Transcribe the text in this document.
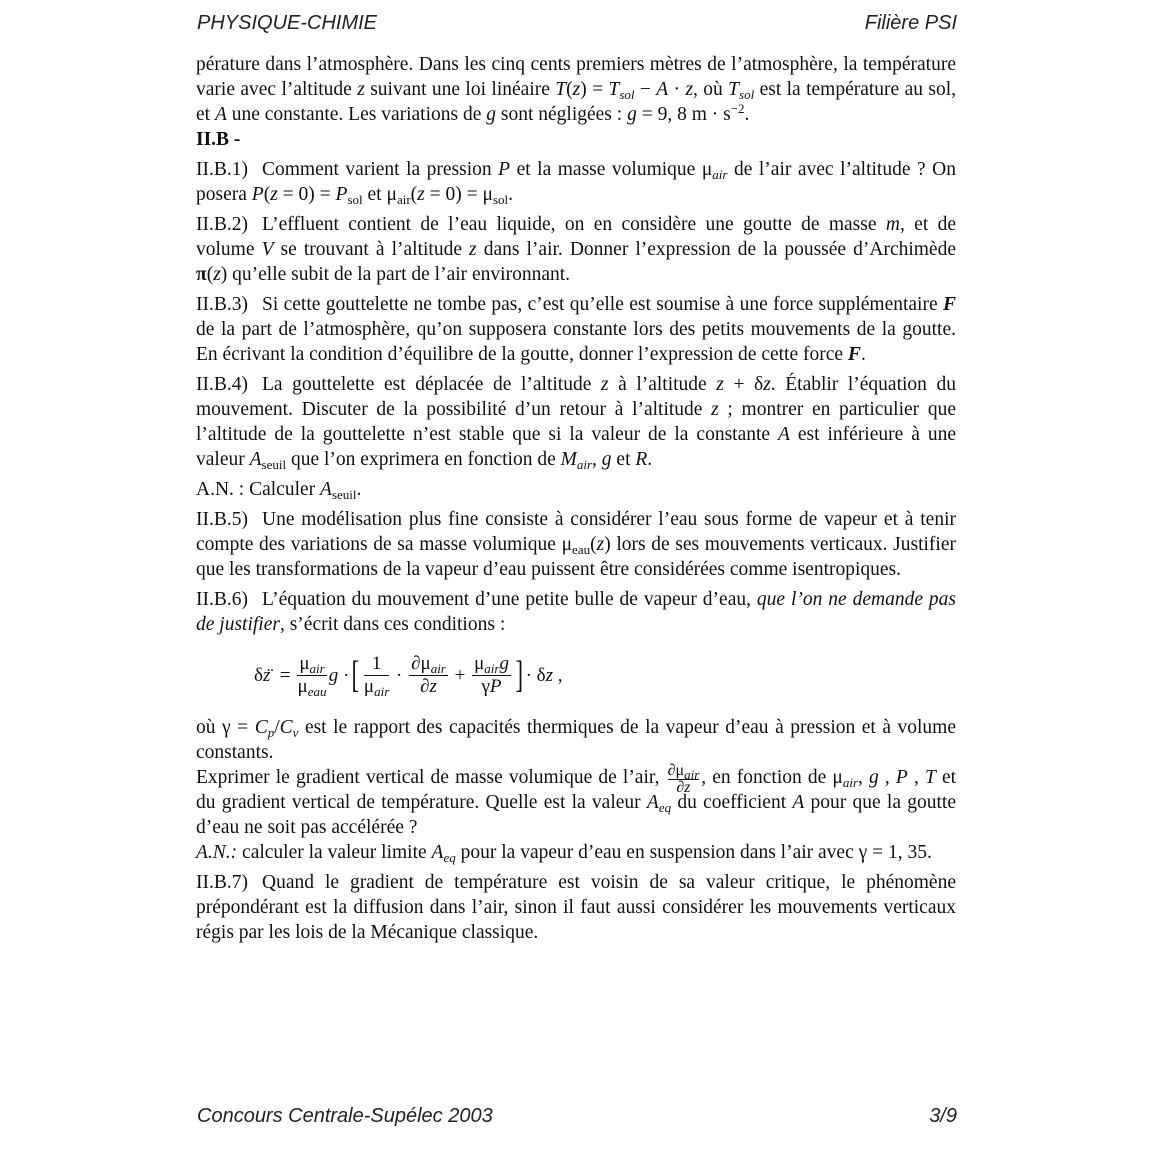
PHYSIQUE-CHIMIE	Filière PSI

pérature dans l’atmosphère. Dans les cinq cents premiers mètres de l’atmosphère, la température varie avec l’altitude z suivant une loi linéaire $T(z) = T_{sol} - A \cdot z$, où $T_{sol}$ est la température au sol, et A une constante. Les variations de g sont négligées : g = 9, 8 $m \cdot s^{-2}$.

II.B -

II.B.1) Comment varient la pression P et la masse volumique $\mu_{air}$ de l’air avec l’altitude ? On posera $P(z = 0) = P_{sol}$ et $\mu_{air}(z = 0) = \mu_{sol}$.

II.B.2) L’effluent contient de l’eau liquide, on en considère une goutte de masse m, et de volume V se trouvant à l’altitude z dans l’air. Donner l’expression de la poussée d’Archimède π(z) qu’elle subit de la part de l’air environnant.

II.B.3) Si cette gouttelette ne tombe pas, c’est qu’elle est soumise à une force supplémentaire F de la part de l’atmosphère, qu’on supposera constante lors des petits mouvements de la goutte. En écrivant la condition d’équilibre de la goutte, donner l’expression de cette force F.

II.B.4) La gouttelette est déplacée de l’altitude z à l’altitude z + δz. Établir l’équation du mouvement. Discuter de la possibilité d’un retour à l’altitude z ; montrer en particulier que l’altitude de la gouttelette n’est stable que si la valeur de la constante A est inférieure à une valeur $A_{seuil}$ que l’on exprimera en fonction de $M_{air}$, g et R.

A.N. : Calculer $A_{seuil}$.

II.B.5) Une modélisation plus fine consiste à considérer l’eau sous forme de vapeur et à tenir compte des variations de sa masse volumique $\mu_{eau}(z)$ lors de ses mouvements verticaux. Justifier que les transformations de la vapeur d’eau puissent être considérées comme isentropiques.

II.B.6) L’équation du mouvement d’une petite bulle de vapeur d’eau, que l’on ne demande pas de justifier, s’écrit dans ces conditions :

δz̈  = $\frac{\mu_{air}}{\mu_{eau}}$ g · [ $\frac{1}{\mu_{air}} \cdot \frac{\partial\mu_{air}}{\partial z} + \frac{\mu_{air}g}{\gamma P}$ ] · δz ,

où $\gamma = C_p/C_v$ est le rapport des capacités thermiques de la vapeur d’eau à pression et à volume constants.

Exprimer le gradient vertical de masse volumique de l’air, $\frac{\partial\mu_{air}}{\partial z}$ , en fonction de $\mu_{air}$, g , P , T et du gradient vertical de température. Quelle est la valeur $A_{eq}$ du coefficient A pour que la goutte d’eau ne soit pas accélérée ?

A.N.: calculer la valeur limite $A_{eq}$ pour la vapeur d’eau en suspension dans l’air avec γ = 1, 35.

II.B.7) Quand le gradient de température est voisin de sa valeur critique, le phénomène prépondérant est la diffusion dans l’air, sinon il faut aussi considérer les mouvements verticaux régis par les lois de la Mécanique classique.

Concours Centrale-Supélec 2003	3/9
